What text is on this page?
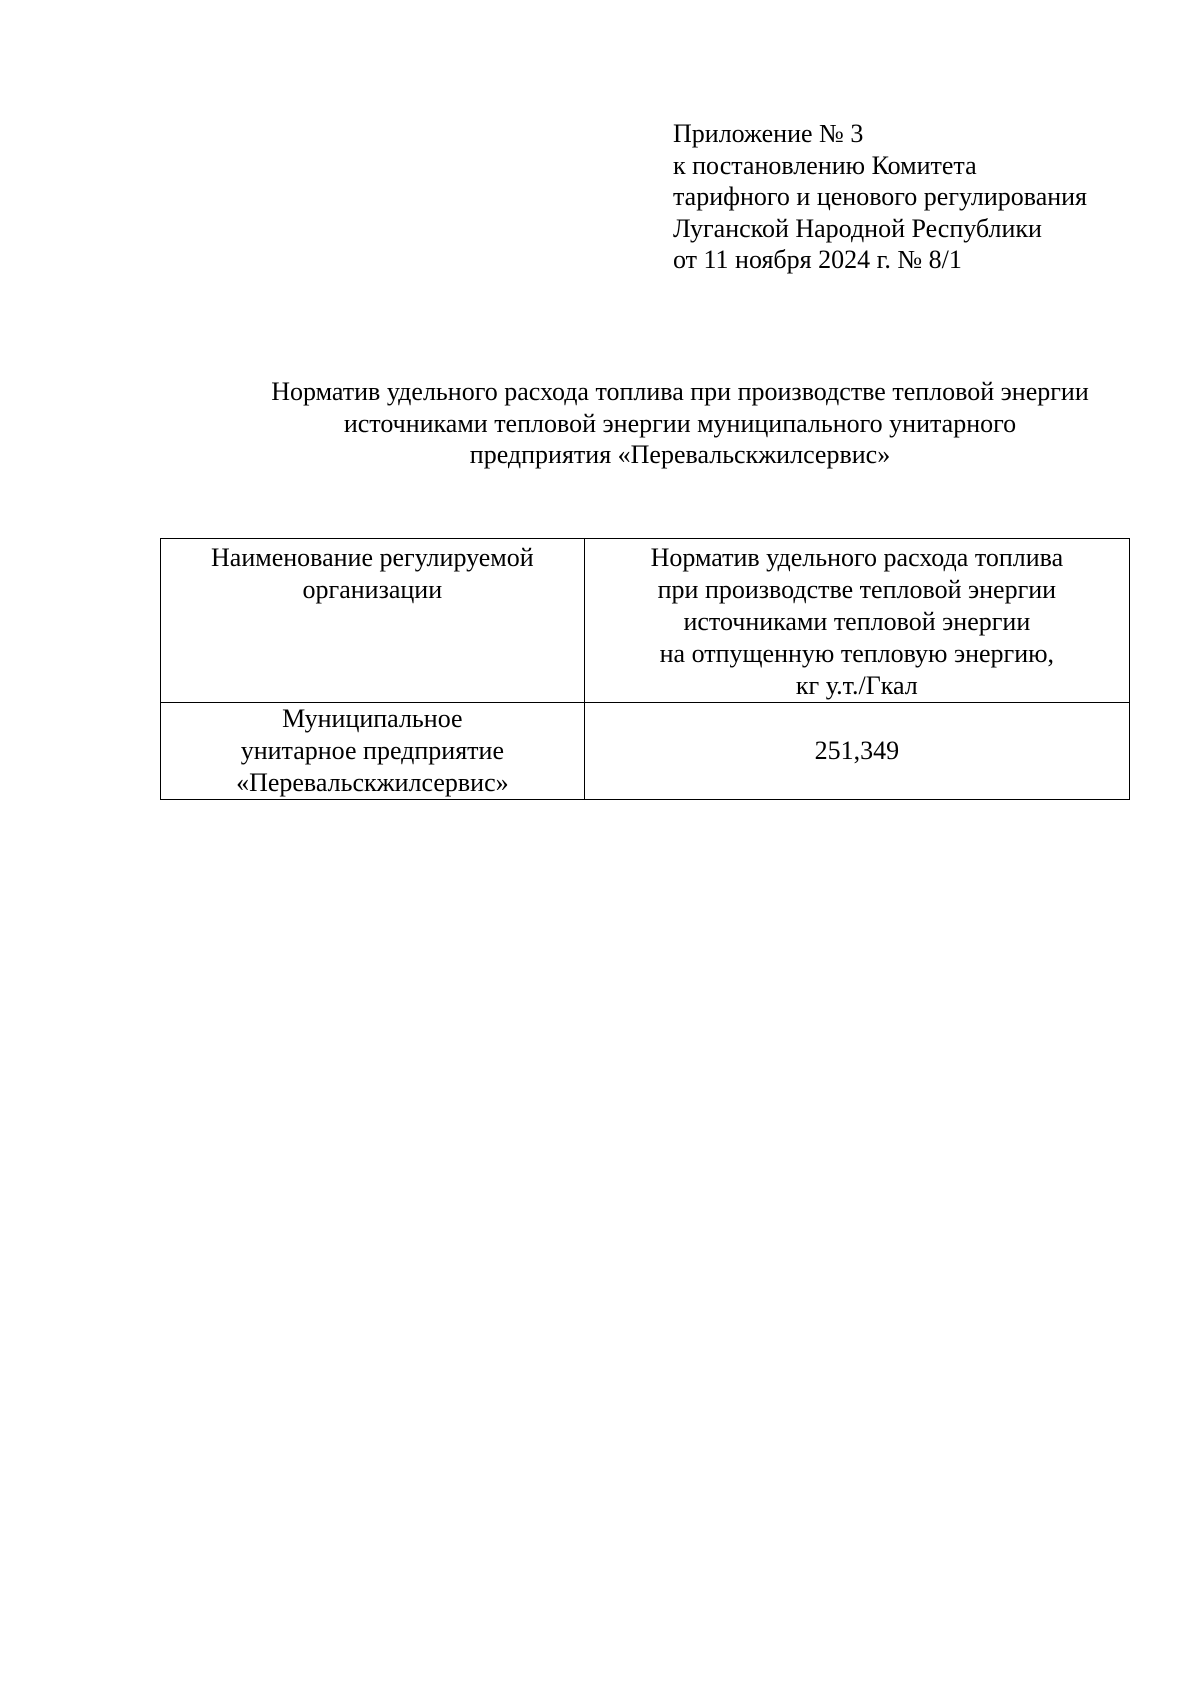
Приложение № 3
к постановлению Комитета
тарифного и ценового регулирования
Луганской Народной Республики
от 11 ноября 2024 г. № 8/1
Норматив удельного расхода топлива при производстве тепловой энергии
источниками тепловой энергии муниципального унитарного
предприятия «Перевальскжилсервис»
Наименование регулируемой
организации	Норматив удельного расхода топлива
при производстве тепловой энергии
источниками тепловой энергии
на отпущенную тепловую энергию,
кг у.т./Гкал

Муниципальное
унитарное предприятие
«Перевальскжилсервис»	251,349
